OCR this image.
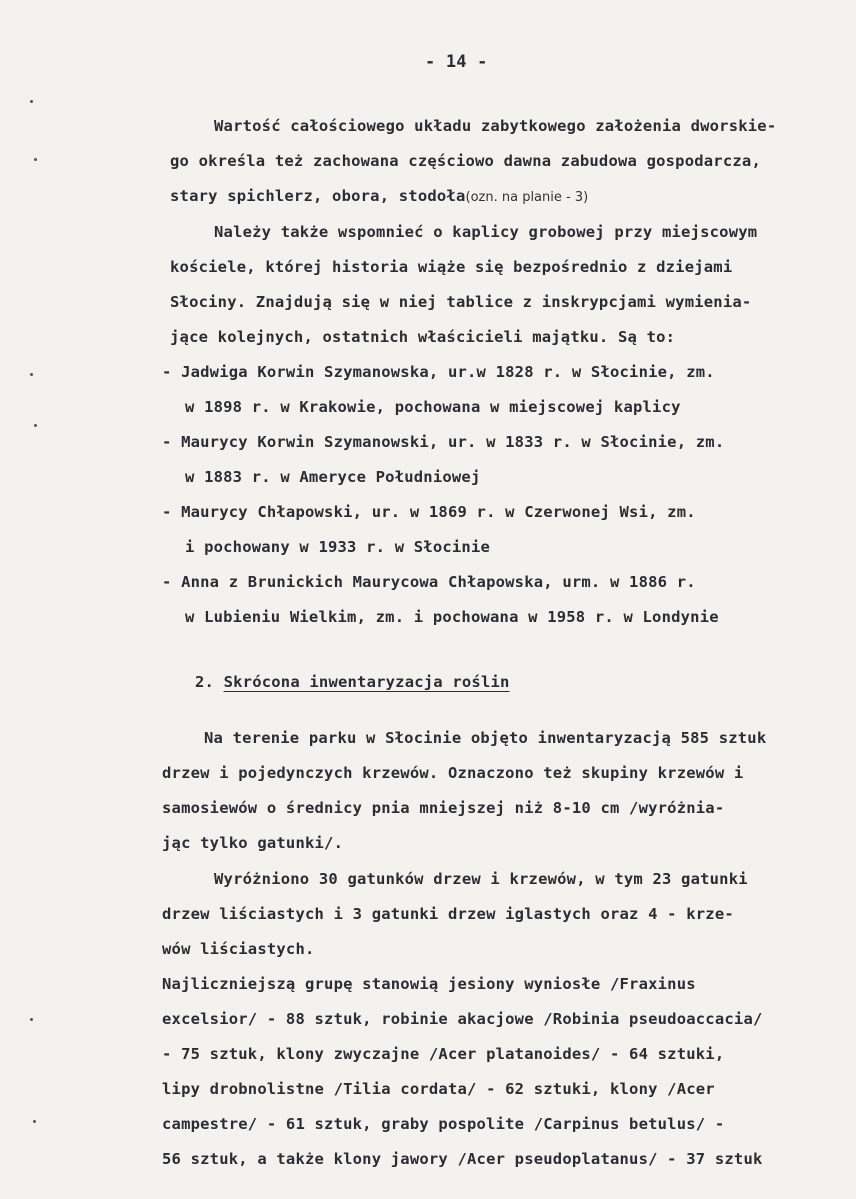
- 14 -
Wartość całościowego układu zabytkowego założenia dworskie-
go określa też zachowana częściowo dawna zabudowa gospodarcza,
stary spichlerz, obora, stodoła(ozn. na planie - 3)
Należy także wspomnieć o kaplicy grobowej przy miejscowym
kościele, której historia wiąże się bezpośrednio z dziejami
Słociny. Znajdują się w niej tablice z inskrypcjami wymienia-
jące kolejnych, ostatnich właścicieli majątku. Są to:
- Jadwiga Korwin Szymanowska, ur.w 1828 r. w Słocinie, zm.
w 1898 r. w Krakowie, pochowana w miejscowej kaplicy
- Maurycy Korwin Szymanowski, ur. w 1833 r. w Słocinie, zm.
w 1883 r. w Ameryce Południowej
- Maurycy Chłapowski, ur. w 1869 r. w Czerwonej Wsi, zm.
i pochowany w 1933 r. w Słocinie
- Anna z Brunickich Maurycowa Chłapowska, urm. w 1886 r.
w Lubieniu Wielkim, zm. i pochowana w 1958 r. w Londynie
2. Skrócona inwentaryzacja roślin
Na terenie parku w Słocinie objęto inwentaryzacją 585 sztuk
drzew i pojedynczych krzewów. Oznaczono też skupiny krzewów i
samosiewów o średnicy pnia mniejszej niż 8-10 cm /wyróżnia-
jąc tylko gatunki/.
Wyróżniono 30 gatunków drzew i krzewów, w tym 23 gatunki
drzew liściastych i 3 gatunki drzew iglastych oraz 4 - krze-
wów liściastych.
Najliczniejszą grupę stanowią jesiony wyniosłe /Fraxinus
excelsior/ - 88 sztuk, robinie akacjowe /Robinia pseudoaccacia/
- 75 sztuk, klony zwyczajne /Acer platanoides/ - 64 sztuki,
lipy drobnolistne /Tilia cordata/ - 62 sztuki, klony /Acer
campestre/ - 61 sztuk, graby pospolite /Carpinus betulus/ -
56 sztuk, a także klony jawory /Acer pseudoplatanus/ - 37 sztuk
